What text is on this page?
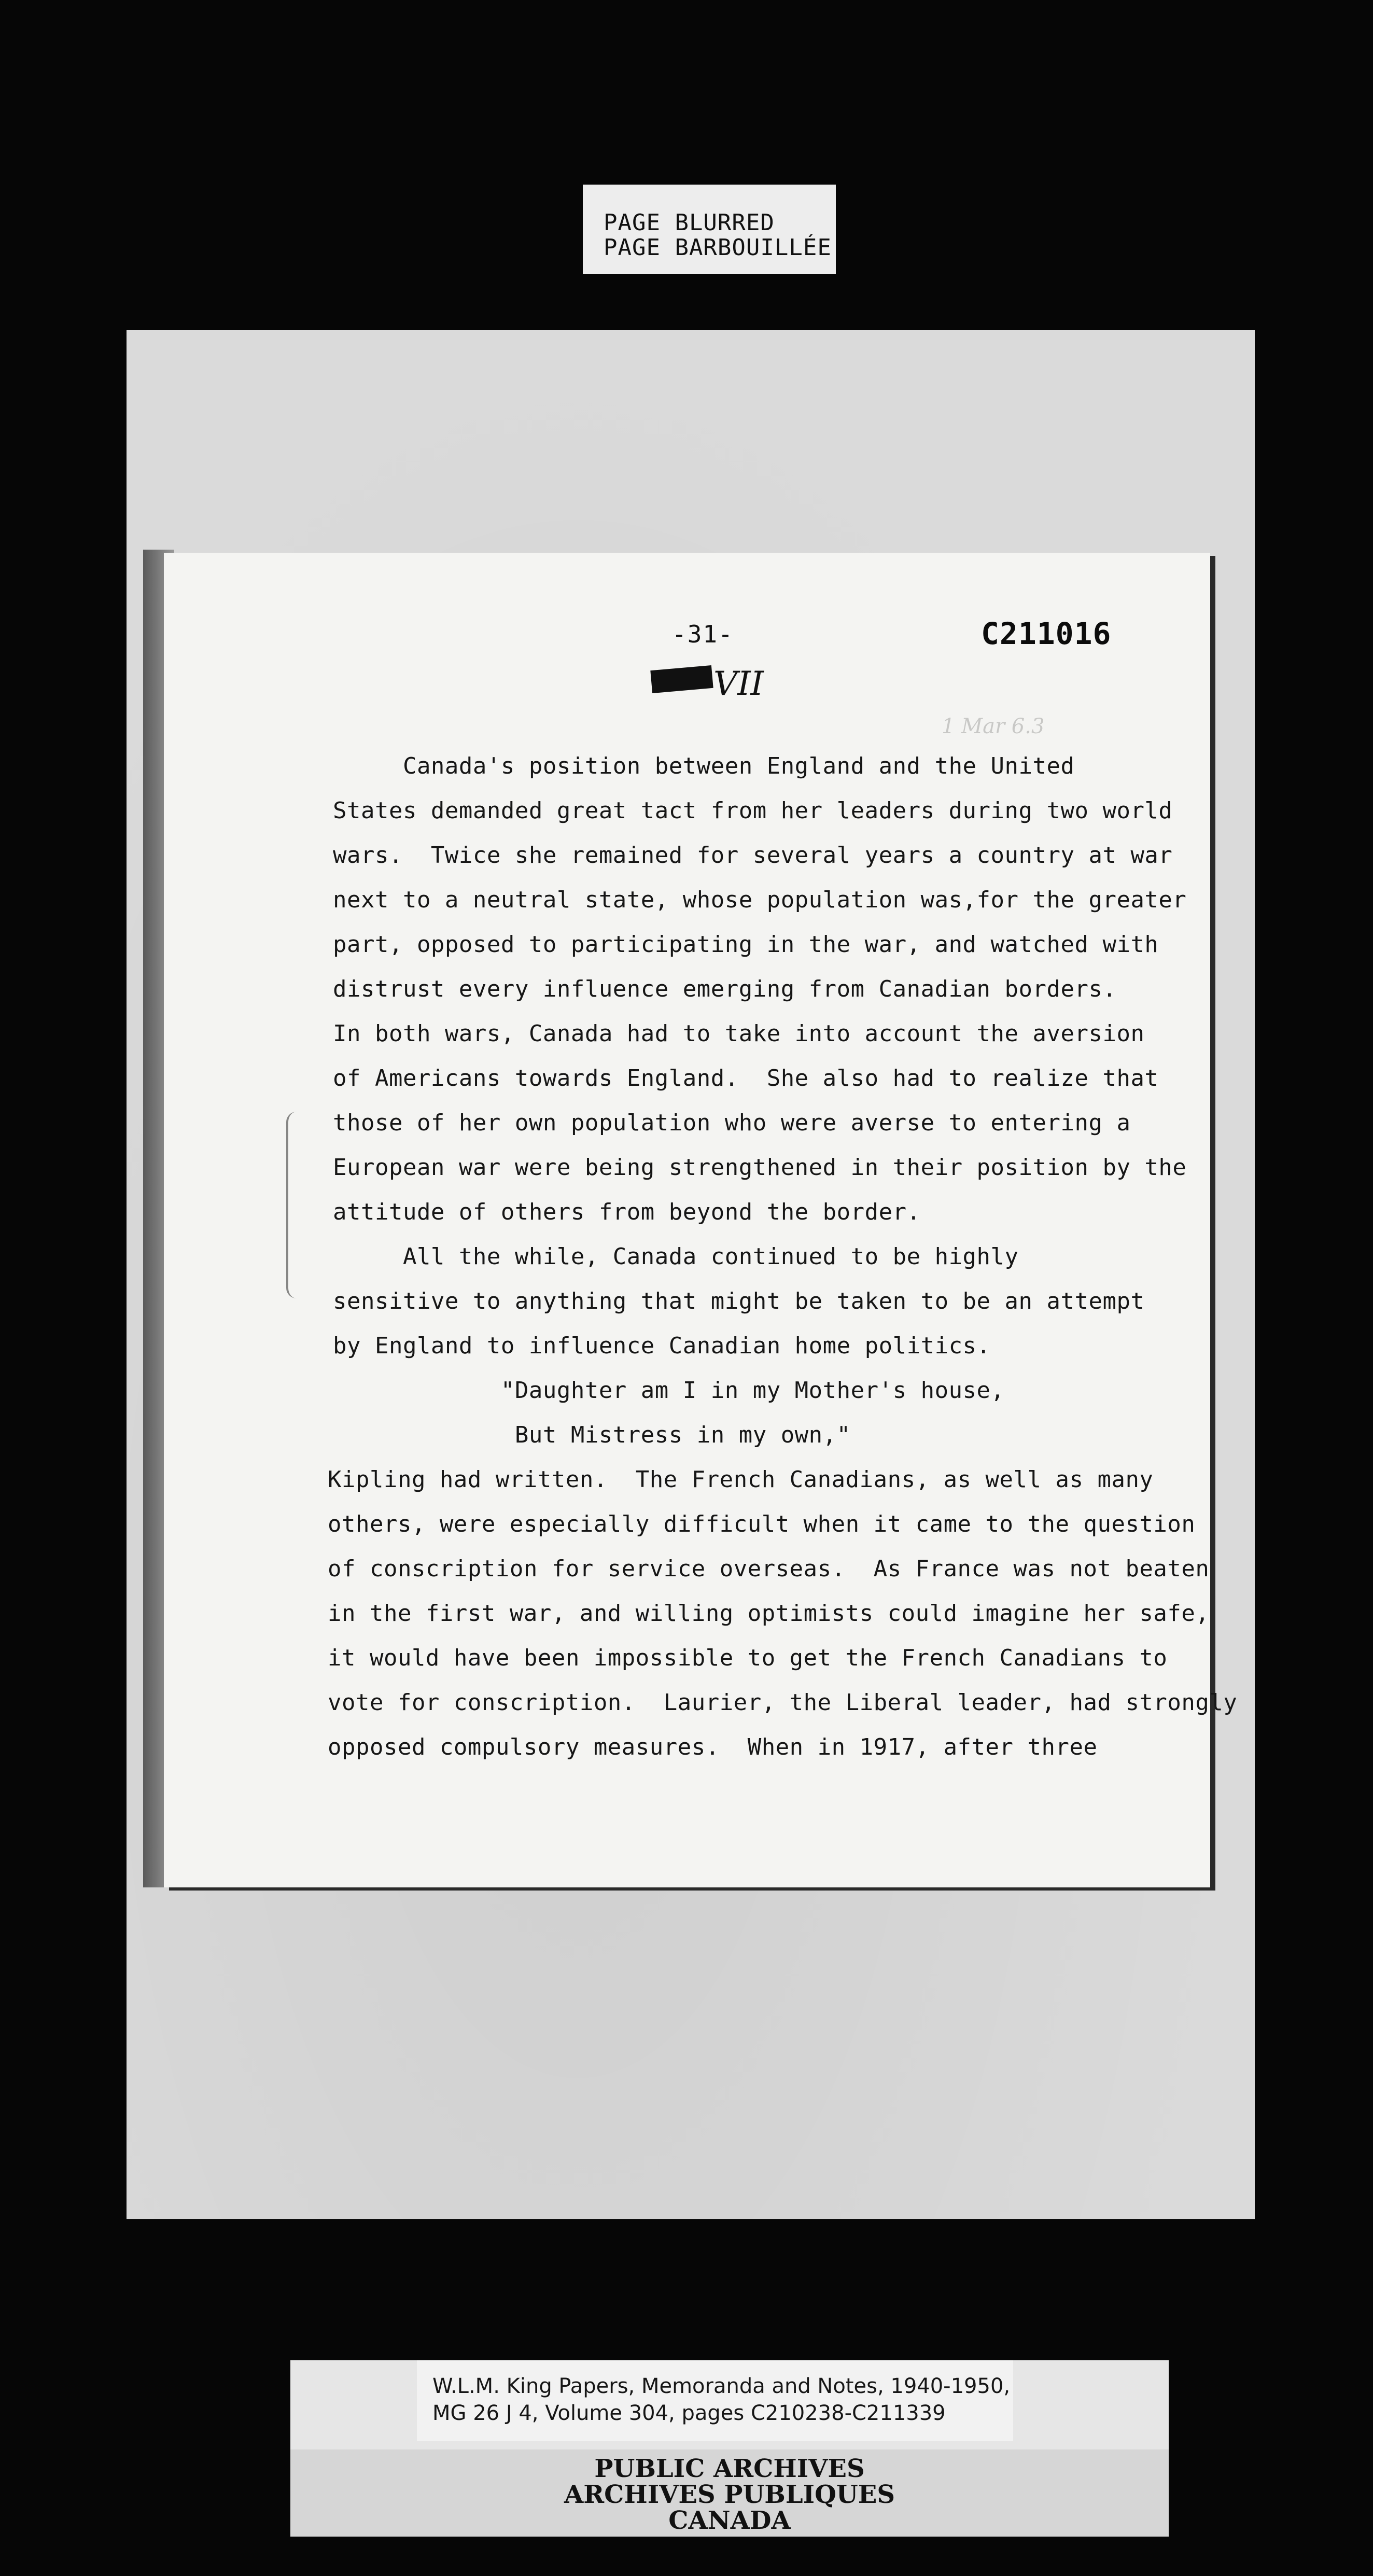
PAGE BLURRED
PAGE BARBOUILLÉE
-31-	C211016
VII
1 Mar 6.3
Canada's position between England and the United
States demanded great tact from her leaders during two world
wars.  Twice she remained for several years a country at war
next to a neutral state, whose population was,for the greater
part, opposed to participating in the war, and watched with
distrust every influence emerging from Canadian borders.
In both wars, Canada had to take into account the aversion
of Americans towards England.  She also had to realize that
those of her own population who were averse to entering a
European war were being strengthened in their position by the
attitude of others from beyond the border.
All the while, Canada continued to be highly
sensitive to anything that might be taken to be an attempt
by England to influence Canadian home politics.
"Daughter am I in my Mother's house,
But Mistress in my own,"
Kipling had written.  The French Canadians, as well as many
others, were especially difficult when it came to the question
of conscription for service overseas.  As France was not beaten
in the first war, and willing optimists could imagine her safe,
it would have been impossible to get the French Canadians to
vote for conscription.  Laurier, the Liberal leader, had strongly
opposed compulsory measures.  When in 1917, after three
W.L.M. King Papers, Memoranda and Notes, 1940-1950,
MG 26 J 4, Volume 304, pages C210238-C211339
PUBLIC ARCHIVES
ARCHIVES PUBLIQUES
CANADA
